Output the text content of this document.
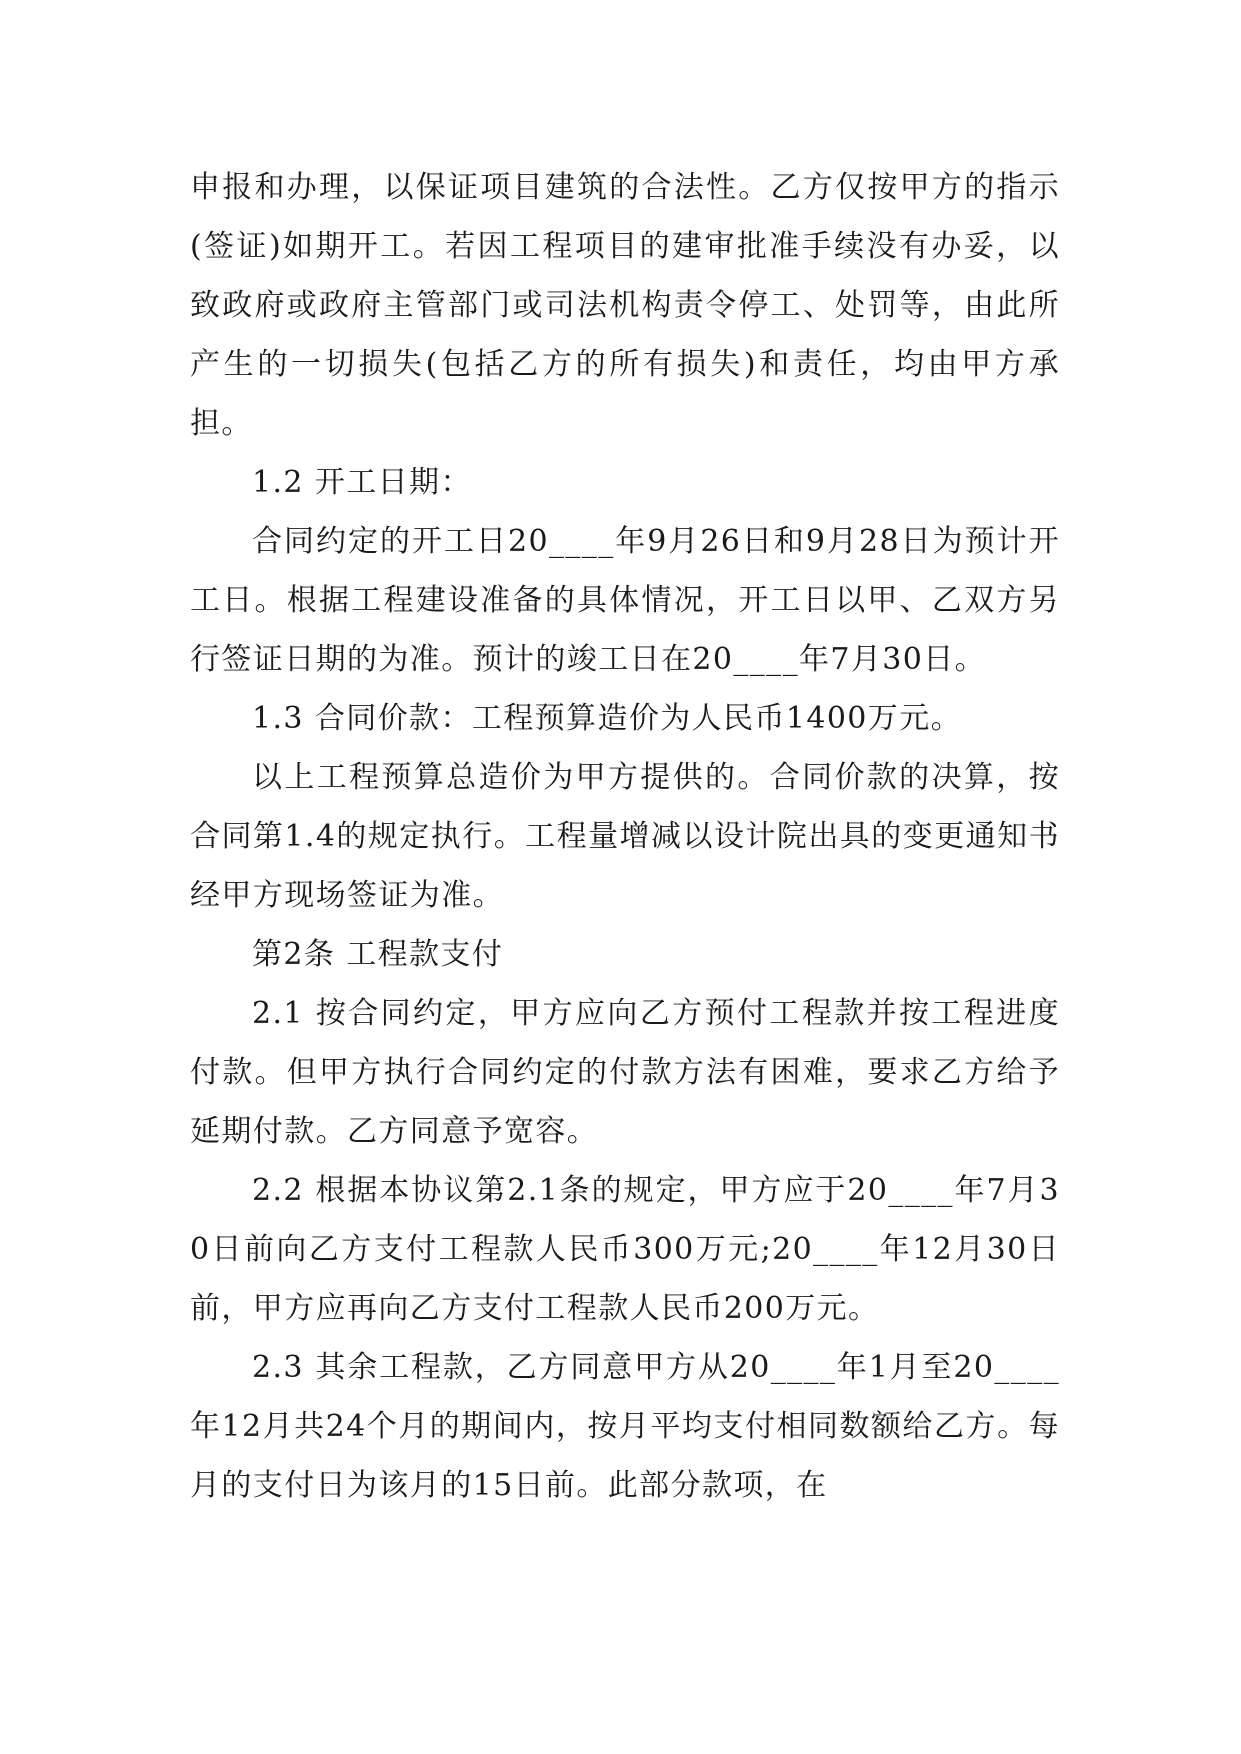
申报和办理，以保证项目建筑的合法性。乙方仅按甲方的指示(签证)如期开工。若因工程项目的建审批准手续没有办妥，以致政府或政府主管部门或司法机构责令停工、处罚等，由此所产生的一切损失(包括乙方的所有损失)和责任，均由甲方承担。

1.2 开工日期：

合同约定的开工日20____年9月26日和9月28日为预计开工日。根据工程建设准备的具体情况，开工日以甲、乙双方另行签证日期的为准。预计的竣工日在20____年7月30日。

1.3 合同价款：工程预算造价为人民币1400万元。

以上工程预算总造价为甲方提供的。合同价款的决算，按合同第1.4的规定执行。工程量增减以设计院出具的变更通知书经甲方现场签证为准。

第2条 工程款支付

2.1 按合同约定，甲方应向乙方预付工程款并按工程进度付款。但甲方执行合同约定的付款方法有困难，要求乙方给予延期付款。乙方同意予宽容。

2.2 根据本协议第2.1条的规定，甲方应于20____年7月30日前向乙方支付工程款人民币300万元;20____年12月30日前，甲方应再向乙方支付工程款人民币200万元。

2.3 其余工程款，乙方同意甲方从20____年1月至20____年12月共24个月的期间内，按月平均支付相同数额给乙方。每月的支付日为该月的15日前。此部分款项，在
